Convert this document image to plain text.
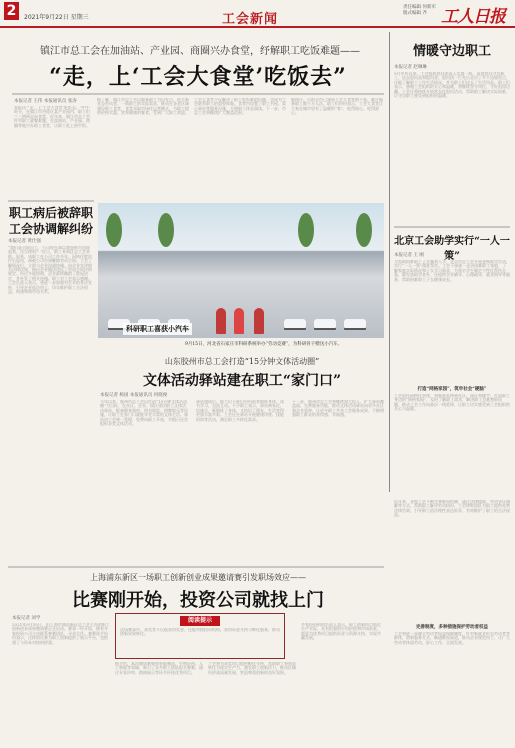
2	2021年9月22日 星期三	工会新闻
责任编辑 何新军
版式编辑 齐 工人日报
镇江市总工会在加油站、产业园、商圈兴办食堂，纾解职工吃饭难题——
“走，上‘工会大食堂’吃饭去”
本报记者 王伟 本报通讯员 张涛
本报讯 “走，上‘工会大食堂’吃饭去。”中午时分，在镇江市丹徒区某产业园内，职工们三三两两走向食堂。近年来，镇江市总工会针对职工就餐难题，在加油站、产业园、商圈等地兴办职工食堂，让职工吃上热乎饭。
据了解，镇江市总工会以服务职工为出发点，结合新业态劳动者、一线职工的实际需求，推动在各类区域建设职工食堂，食堂采取市场化运营模式，为职工提供价格实惠、营养健康的餐食，受到广大职工欢迎。
工会大食堂不仅解决了职工吃饭难的问题，也成为工会联系职工的重要阵地。食堂内设置了职工书屋、爱心驿站等服务设施，方便职工休息阅读。下一步，市总工会将继续扩大覆盖范围。
据统计，目前全市已建成工会大食堂数十家，累计服务职工数十万人次。职工们纷纷表示，工会大食堂让大家在城市里有了温暖的“家”，吃得放心、吃得舒心。
情暖守边职工
本报记者 赵琳琳
9月中旬以来，工会组织慰问团深入边境一线，看望慰问守边职工，送去慰问品和慰问金。慰问团一行先后走访了多个边境站点，详细了解职工工作生活情况，并为职工们送去了生活用品。职工们表示，感谢工会组织的关心和温暖，将继续坚守岗位，守好祖国边疆。工会还将持续开展常态化慰问活动，帮助职工解决实际困难，让守边职工感受到组织的温暖。
职工病后被辞职
工会协调解纠纷
本报记者 黄仕强
“我们是全职员工，公司现在却以我患病为由辞退我，这合理吗？”近日，职工来到区总工会求助。原来，该职工在公司工作多年，因病住院治疗后返岗，却被公司告知解除劳动合同。工会了解情况后，立即与企业沟通协调，向企业宣讲相关法律法规，指出企业做法违反了劳动合同法的规定。经过多轮协商，企业最终撤销了辞退决定，并补发了相关待遇。职工对工会表示感谢。工会负责人表示，将进一步加强对企业的普法宣传，引导企业依法用工，切实维护职工合法权益，构建和谐劳动关系。
科研职工喜获小汽车
9月15日，河北省石家庄市科研系统举办“劳动竞赛”，为科研骨干赠送小汽车。
北京工会助学实行“一人一策”
本报记者 王 刚
为帮助困难职工子女顺利入学，北京市总工会开展金秋助学活动，实行“一人一策”精准帮扶。工会干部逐一走访困难职工家庭，了解家庭实际情况和子女学习需求，为每名学生制定个性化帮扶方案，除发放助学金外，还提供学业辅导、心理疏导、就业指导等服务，帮助困难职工子女健康成长。
打造“网格家园”，筑牢社会“硬脑”
工会依托网格化管理，将服务延伸到社区、园区和楼宇，打造职工身边的“网格家园”，及时了解职工需求，解决职工急难愁盼问题，推动工会工作向基层一线延伸，让职工切实感受到工会组织的关心与温暖。
山东胶州市总工会打造“15分钟文体活动圈”
文体活动驿站建在职工“家门口”
本报记者 杨国 本报通讯员 何晓俊
今年以来，胶州市总工会以打造“15分钟文体活动圈”为目标，在社区、企业、园区建设职工文体活动驿站，配备健身器材、图书阅览、棋牌娱乐等设施，让职工在家门口就能享受丰富的文体生活。驿站由工会统一管理，免费向职工开放，节假日还会组织各类文体活动。
驿站建成后，职工们下班后纷纷前来锻炼身体、读书学习、交流互动。不少职工表示，驿站离家近、设施全，既锻炼了身体，又结识了朋友，生活变得更加丰富多彩。工会还在驿站开展健康讲座、技能培训等活动，满足职工多样化需求。
下一步，胶州市总工会将继续加大投入，扩大驿站覆盖面，完善服务功能，推动文体活动驿站向更多社区和企业延伸，让更多职工共享工会服务成果，不断增强职工群众的获得感、幸福感。
上海浦东新区一场职工创新创业成果邀请赛引发职场效应——
比赛刚开始，投资公司就找上门
阅读提示
这场赛事中，获奖者不仅能获得奖金，还能对接投资机构，获得资金支持与孵化服务，推动创新成果转化。
本报记者 刘学
2021年9月10日，由上海市浦东新区总工会主办的职工创新创业成果邀请赛正式启动。赛事一经开始，便有多家投资公司主动联系参赛团队，寻求合作。参赛选手纷纷表示，这样的比赛为职工创新提供了展示平台，也搭建了与资本对接的桥梁。
据介绍，本次邀请赛聚焦智能制造、生物医药、人工智能等领域，吸引了众多职工团队报名参赛，通过专家评审、路演展示等环节评选优秀项目。
工会将为获奖项目提供孵化支持，帮助职工将创意转化为现实生产力，激发职工创新活力，推动区域经济高质量发展，营造尊重创新的良好氛围。
多家投资机构负责人表示，职工创新项目贴近生产实际，具有很强的应用价值和市场前景，愿意为优秀项目提供资金与资源支持，实现共赢发展。
近年来，各级工会不断完善维权机制，通过法律援助、劳动争议调解等方式，帮助职工解决劳动纠纷。工会律师团队为职工提供免费法律咨询，引导职工依法理性表达诉求，有效维护了职工的合法权益。
完善制度，多种措施保护劳动者权益
工会将进一步健全劳动者权益保障制度，针对新就业形态劳动者等群体，创新服务方式，畅通维权渠道，推动企业规范用工，让广大劳动者体面劳动、舒心工作、全面发展。
